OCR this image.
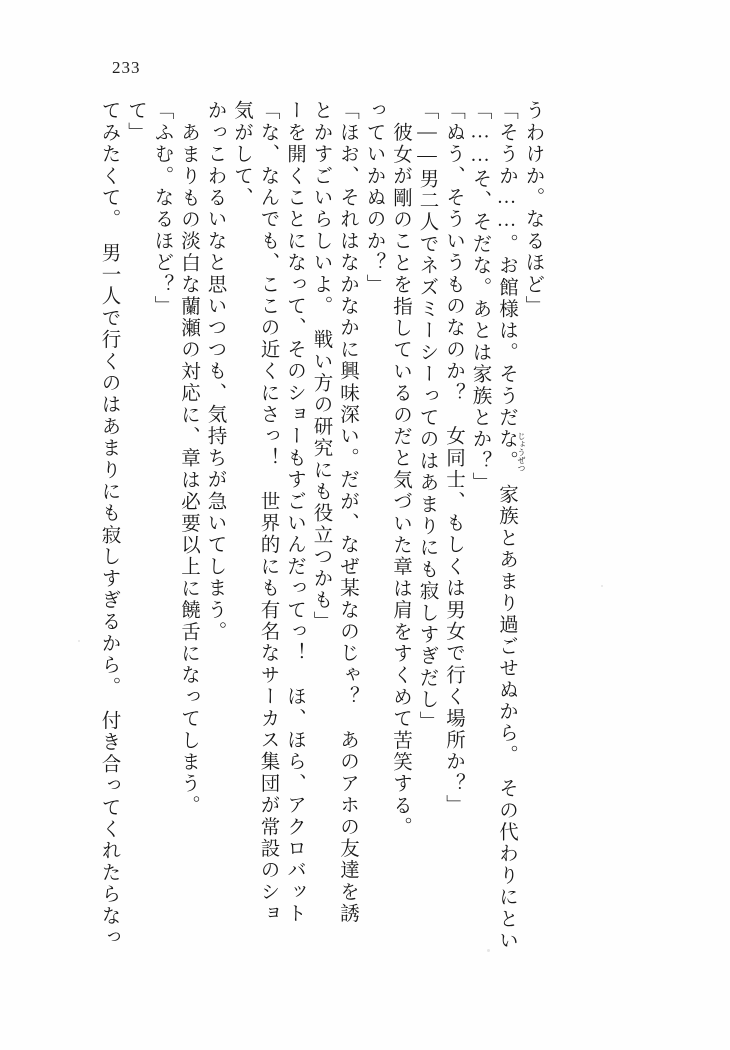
233
てみたくて。　男一人で行くのはあまりにも寂しすぎるから。　付き合ってくれたらなっ て」 「ふむ。なるほど？」 あまりもの淡白な蘭瀬の対応に、章は必要以上に饒舌になってしまう。 かっこわるいなと思いつつも、気持ちが急いてしまう。 気がして、 「な、なんでも、ここの近くにさっ！　世界的にも有名なサーカス集団が常設のショ ーを開くことになって、そのショーもすごいんだってっ！　ほ、ほら、アクロバット とかすごいらしいよ。　戦い方の研究にも役立つかも」 「ほお、それはなかなかに興味深い。だが、なぜ某なのじゃ？　あのアホの友達を誘 っていかぬのか？」 彼女が剛のことを指しているのだと気づいた章は肩をすくめて苦笑する。 「――男二人でネズミーシーってのはあまりにも寂しすぎだし」 「ぬう、そういうものなのか？　女同士、もしくは男女で行く場所か？」 「……そ、そだな。あとは家族とか？」 「そうか……。お館様は。そうだな。　家族とあまり過ごせぬから。　その代わりにとい うわけか。なるほど」
じょうぜつ
